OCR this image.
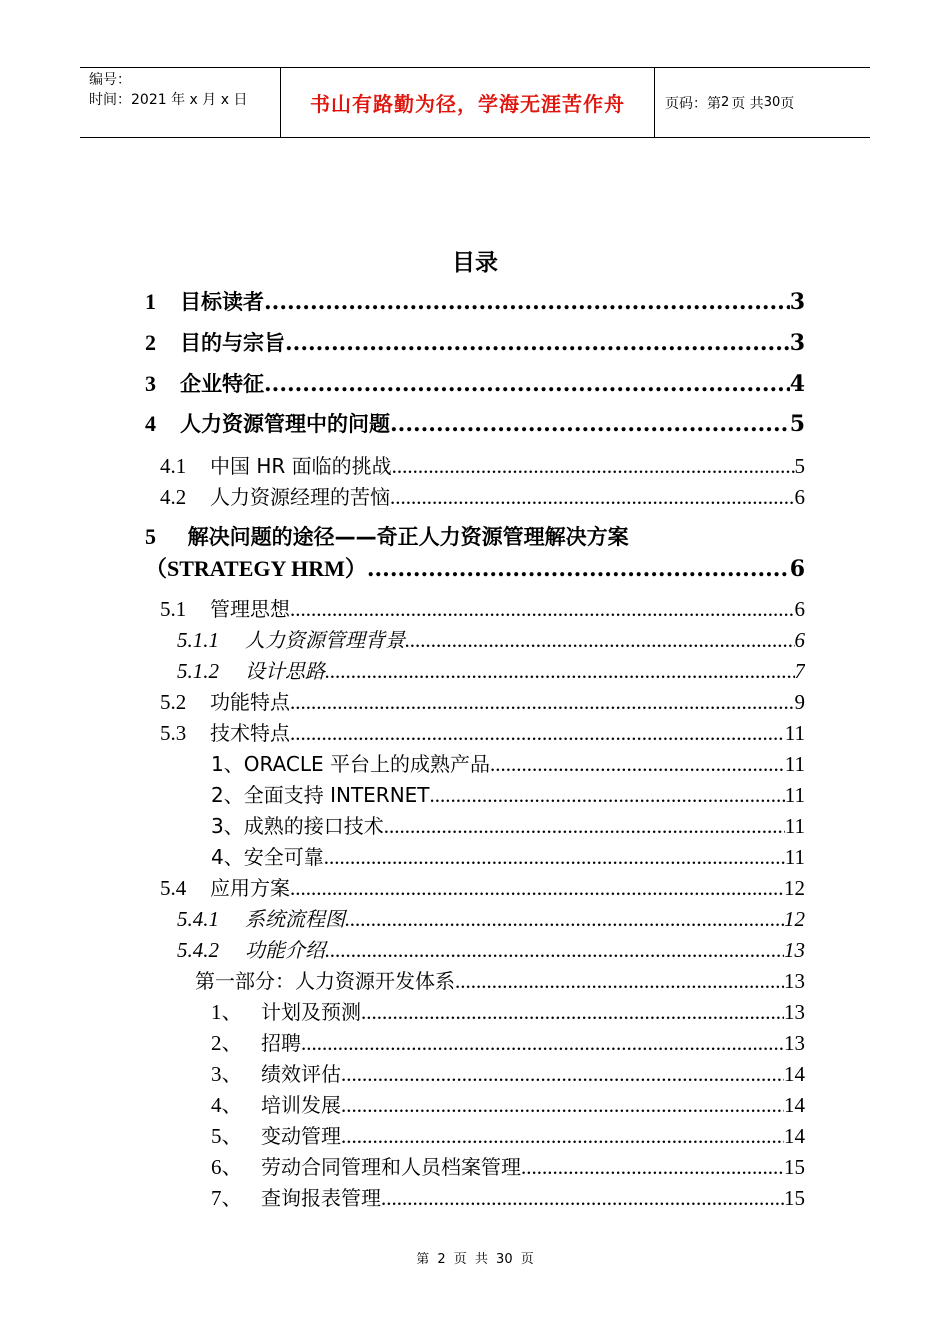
编号：
时间：2021 年 x 月 x 日	书山有路勤为径，学海无涯苦作舟	页码：第 2 页 共 30 页
目录
1	目标读者 .....	3
2	目的与宗旨 .....	3
3	企业特征 .....	4
4	人力资源管理中的问题 .....	5
4.1	中国 HR 面临的挑战 .....	5
4.2	人力资源经理的苦恼 .....	6
5 解决问题的途径——奇正人力资源管理解决方案
（STRATEGY HRM） .....	6
5.1	管理思想 .....	6
5.1.1	人力资源管理背景 .....	6
5.1.2	设计思路 .....	7
5.2	功能特点 .....	9
5.3	技术特点 .....	11
1、ORACLE 平台上的成熟产品 .....	11
2、全面支持 INTERNET .....	11
3、成熟的接口技术 .....	11
4、安全可靠 .....	11
5.4	应用方案 .....	12
5.4.1	系统流程图 .....	12
5.4.2	功能介绍 .....	13
第一部分：人力资源开发体系 .....	13
1、 计划及预测 .....	13
2、 招聘 .....	13
3、 绩效评估 .....	14
4、 培训发展 .....	14
5、 变动管理 .....	14
6、 劳动合同管理和人员档案管理 .....	15
7、 查询报表管理 .....	15
第 2 页 共 30 页
